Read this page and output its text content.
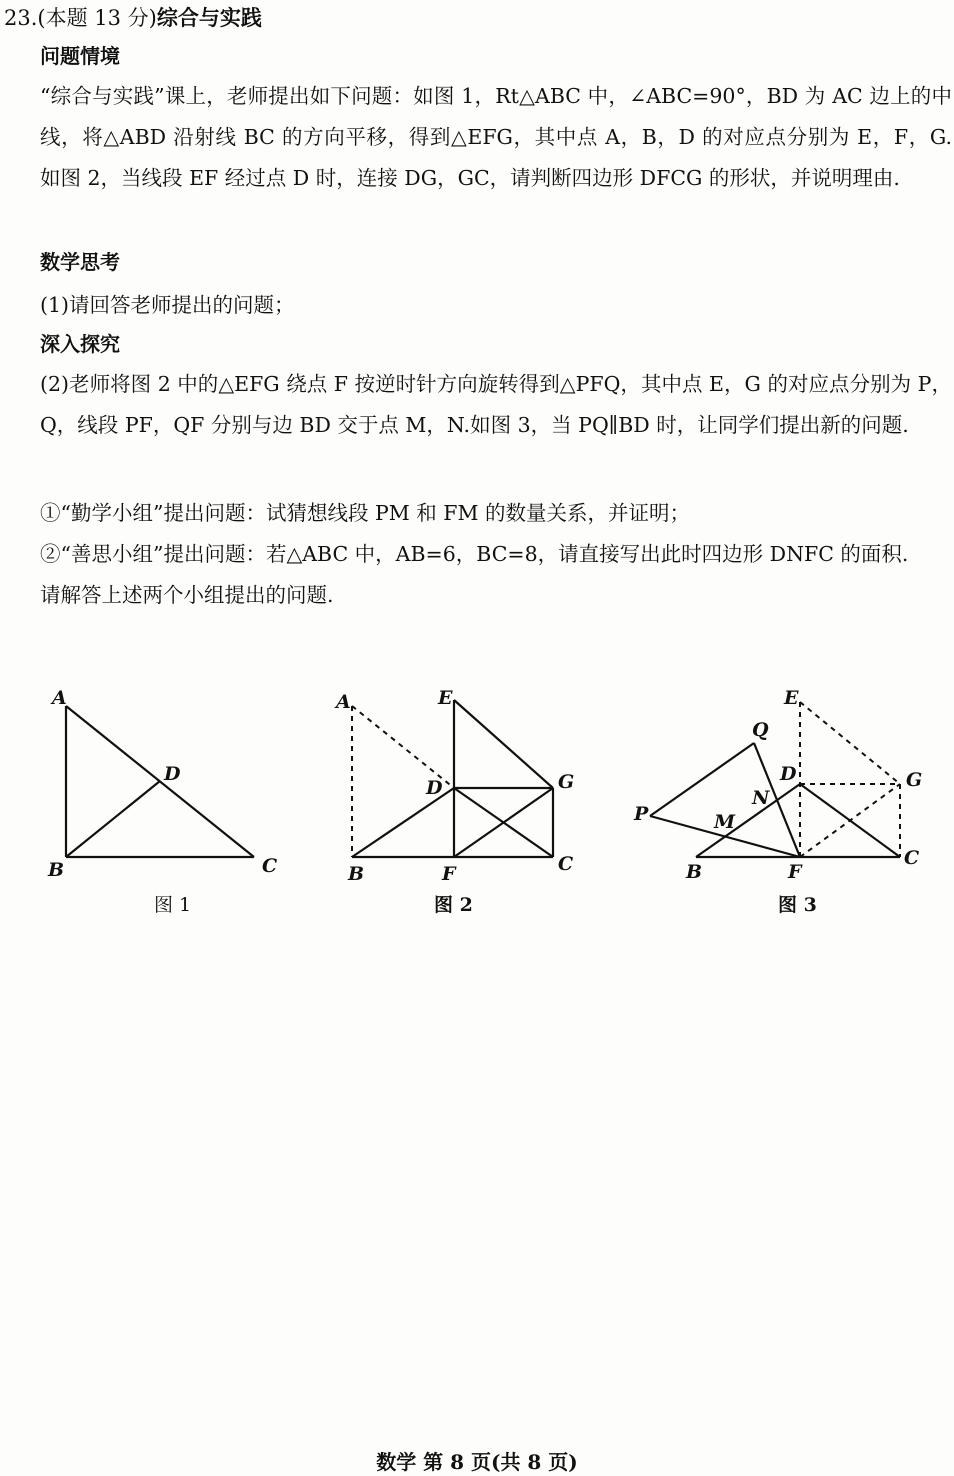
23.(本题 13 分)综合与实践
问题情境
“综合与实践”课上，老师提出如下问题：如图 1，Rt△ABC 中，∠ABC=90°，BD 为 AC 边上的中线，将△ABD 沿射线 BC 的方向平移，得到△EFG，其中点 A，B，D 的对应点分别为 E，F，G. 如图 2，当线段 EF 经过点 D 时，连接 DG，GC，请判断四边形 DFCG 的形状，并说明理由.
数学思考
(1)请回答老师提出的问题；
深入探究
(2)老师将图 2 中的△EFG 绕点 F 按逆时针方向旋转得到△PFQ，其中点 E，G 的对应点分别为 P，Q，线段 PF，QF 分别与边 BD 交于点 M，N.如图 3，当 PQ∥BD 时，让同学们提出新的问题.
①“勤学小组”提出问题：试猜想线段 PM 和 FM 的数量关系，并证明；
②“善思小组”提出问题：若△ABC 中，AB=6，BC=8，请直接写出此时四边形 DNFC 的面积.
请解答上述两个小组提出的问题.
A
B	C
D
图 1
A	E
D	G
B	F	C
图 2
E
Q
D
N
G
P	M
B	F
C
图 3
数学 第 8 页(共 8 页)
